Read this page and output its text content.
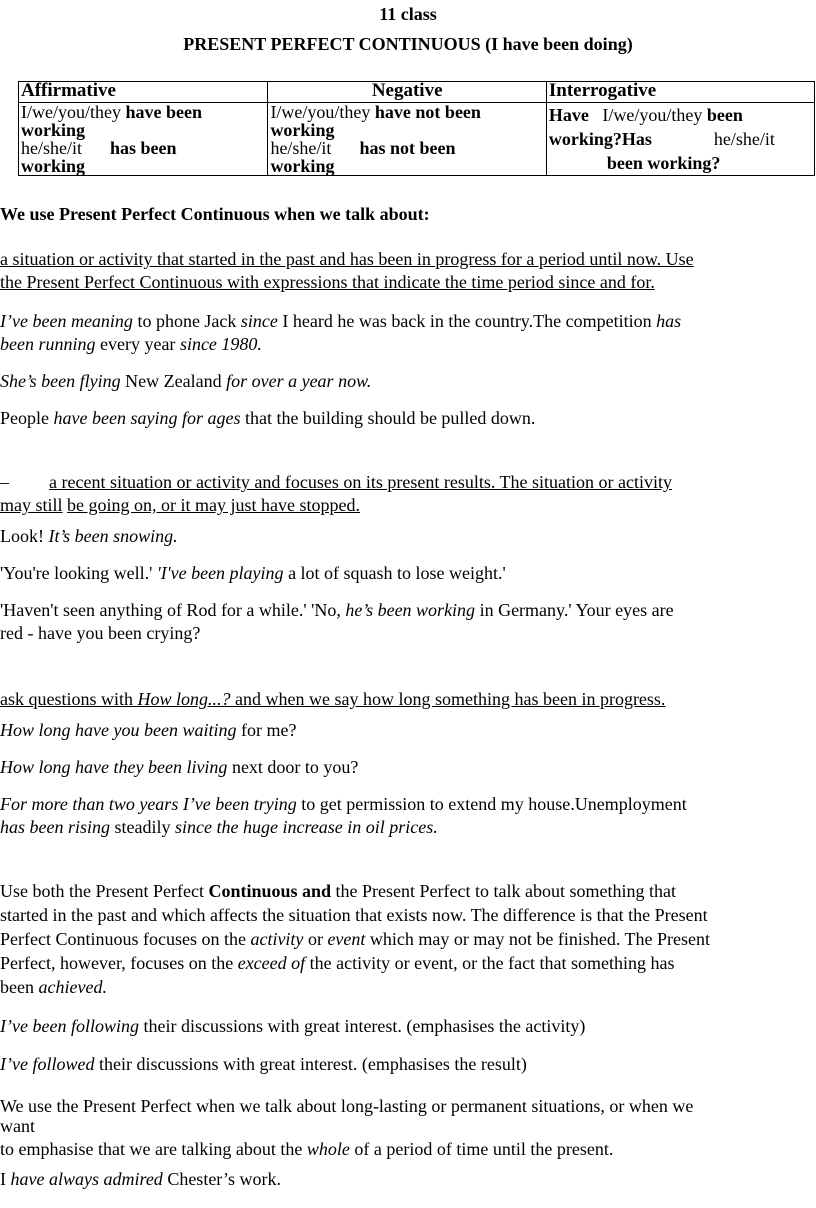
11 class
PRESENT PERFECT CONTINUOUS (I have been doing)
Affirmative	Negative	Interrogative

I/we/you/they have been
working
he/she/it has been
working	I/we/you/they have not been
working
he/she/it has not been
working	Have I/we/you/they been
working?Has he/she/it
been working?
We use Present Perfect Continuous when we talk about:
a situation or activity that started in the past and has been in progress for a period until now. Use
the Present Perfect Continuous with expressions that indicate the time period since and for.
I’ve been meaning to phone Jack since I heard he was back in the country.The competition has
been running every year since 1980.
She’s been flying New Zealand for over a year now.
People have been saying for ages that the building should be pulled down.
– a recent situation or activity and focuses on its present results. The situation or activity
may still be going on, or it may just have stopped.
Look! It’s been snowing.
'You're looking well.' 'I've been playing a lot of squash to lose weight.'
'Haven't seen anything of Rod for a while.' 'No, he’s been working in Germany.' Your eyes are
red - have you been crying?
ask questions with How long...? and when we say how long something has been in progress.
How long have you been waiting for me?
How long have they been living next door to you?
For more than two years I’ve been trying to get permission to extend my house.Unemployment
has been rising steadily since the huge increase in oil prices.
Use both the Present Perfect Continuous and the Present Perfect to talk about something that
started in the past and which affects the situation that exists now. The difference is that the Present
Perfect Continuous focuses on the activity or event which may or may not be finished. The Present
Perfect, however, focuses on the exceed of the activity or event, or the fact that something has
been achieved.
I’ve been following their discussions with great interest. (emphasises the activity)
I’ve followed their discussions with great interest. (emphasises the result)
We use the Present Perfect when we talk about long-lasting or permanent situations, or when we
want
to emphasise that we are talking about the whole of a period of time until the present.
I have always admired Chester’s work.
